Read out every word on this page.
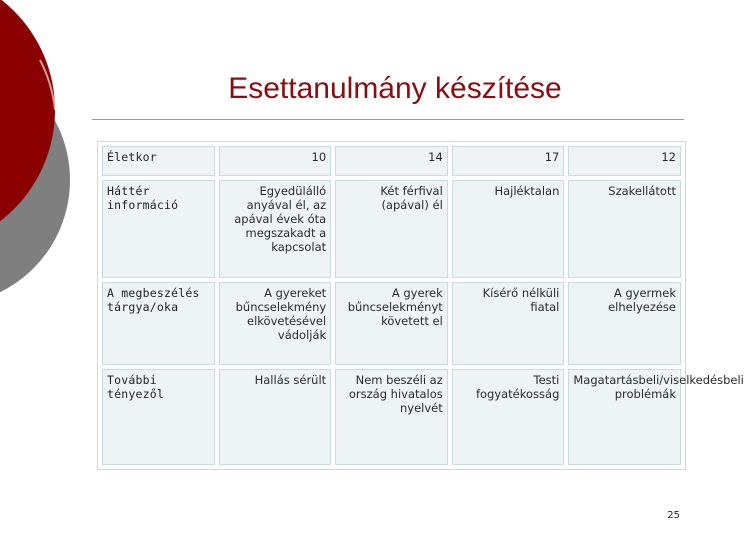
Esettanulmány készítése
Életkor	10	14	17	12
Háttér információ	Egyedülálló anyával él, az apával évek óta megszakadt a kapcsolat	Két férfival (apával) él	Hajléktalan	Szakellátott
A megbeszélés tárgya/oka	A gyereket bűncselekmény elkövetésével vádolják	A gyerek bűncselekményt követett el	Kísérő nélküli fiatal	A gyermek elhelyezése
További tényezől	Hallás sérült	Nem beszéli az ország hivatalos nyelvét	Testi fogyatékosság	Magatartásbeli/viselkedésbeli problémák
25
